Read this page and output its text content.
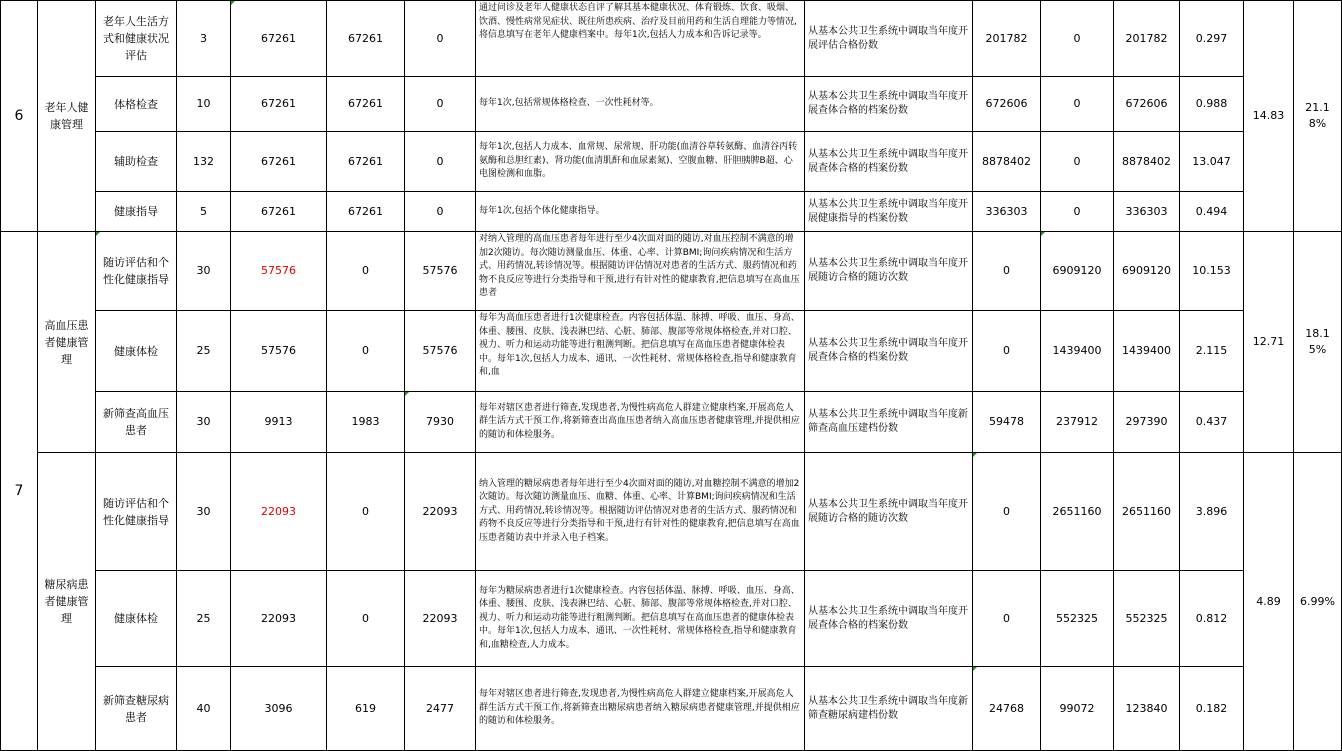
6	老年人健康管理	老年人生活方式和健康状况评估	3	67261	67261	0	通过问诊及老年人健康状态自评了解其基本健康状况、体育锻炼、饮食、吸烟、饮酒、慢性病常见症状、既往所患疾病、治疗及目前用药和生活自理能力等情况,将信息填写在老年人健康档案中。每年1次,包括人力成本和告诉记录等。	从基本公共卫生系统中调取当年度开展评估合格份数	201782	0	201782	0.297	14.83	21.18%
		体格检查	10	67261	67261	0	每年1次,包括常规体格检查、一次性耗材等。	从基本公共卫生系统中调取当年度开展查体合格的档案份数	672606	0	672606	0.988		
		辅助检查	132	67261	67261	0	每年1次,包括人力成本、血常规、尿常规、肝功能(血清谷草转氨酶、血清谷丙转氨酶和总胆红素)、肾功能(血清肌酐和血尿素氮)、空腹血糖、肝胆胰脾B超、心电图检测和血脂。	从基本公共卫生系统中调取当年度开展查体合格的档案份数	8878402	0	8878402	13.047		
		健康指导	5	67261	67261	0	每年1次,包括个体化健康指导。	从基本公共卫生系统中调取当年度开展健康指导的档案份数	336303	0	336303	0.494		
7	高血压患者健康管理	随访评估和个性化健康指导	30	57576	0	57576	对纳入管理的高血压患者每年进行至少4次面对面的随访,对血压控制不满意的增加2次随访。每次随访测量血压、体重、心率、计算BMI;询问疾病情况和生活方式、用药情况,转诊情况等。根据随访评估情况对患者的生活方式、服药情况和药物不良反应等进行分类指导和干预,进行有针对性的健康教育,把信息填写在高血压患者	从基本公共卫生系统中调取当年度开展随访合格的随访次数	0	6909120	6909120	10.153	12.71	18.15%
		健康体检	25	57576	0	57576	每年为高血压患者进行1次健康检查。内容包括体温、脉搏、呼吸、血压、身高、体重、腰围、皮肤、浅表淋巴结、心脏、肺部、腹部等常规体格检查,并对口腔、视力、听力和运动功能等进行粗测判断。把信息填写在高血压患者健康体检表中。每年1次,包括人力成本、通讯、一次性耗材、常规体格检查,指导和健康教育和,血	从基本公共卫生系统中调取当年度开展查体合格的档案份数	0	1439400	1439400	2.115		
		新筛查高血压患者	30	9913	1983	7930	每年对辖区患者进行筛查,发现患者,为慢性病高危人群建立健康档案,开展高危人群生活方式干预工作,将新筛查出高血压患者纳入高血压患者健康管理,并提供相应的随访和体检服务。	从基本公共卫生系统中调取当年度新筛查高血压建档份数	59478	237912	297390	0.437		
	糖尿病患者健康管理	随访评估和个性化健康指导	30	22093	0	22093	纳入管理的糖尿病患者每年进行至少4次面对面的随访,对血糖控制不满意的增加2次随访。每次随访测量血压、血糖、体重、心率、计算BMI;询问疾病情况和生活方式、用药情况,转诊情况等。根据随访评估情况对患者的生活方式、服药情况和药物不良反应等进行分类指导和干预,进行有针对性的健康教育,把信息填写在高血压患者随访表中并录入电子档案。	从基本公共卫生系统中调取当年度开展随访合格的随访次数	0	2651160	2651160	3.896	4.89	6.99%
		健康体检	25	22093	0	22093	每年为糖尿病患者进行1次健康检查。内容包括体温、脉搏、呼吸、血压、身高、体重、腰围、皮肤、浅表淋巴结、心脏、肺部、腹部等常规体格检查,并对口腔、视力、听力和运动功能等进行粗测判断。把信息填写在高血压患者的健康体检表中。每年1次,包括人力成本、通讯、一次性耗材、常规体格检查,指导和健康教育和,血糖检查,人力成本。	从基本公共卫生系统中调取当年度开展查体合格的档案份数	0	552325	552325	0.812		
		新筛查糖尿病患者	40	3096	619	2477	每年对辖区患者进行筛查,发现患者,为慢性病高危人群建立健康档案,开展高危人群生活方式干预工作,将新筛查出糖尿病患者纳入糖尿病患者健康管理,并提供相应的随访和体检服务。	从基本公共卫生系统中调取当年度新筛查糖尿病建档份数	24768	99072	123840	0.182		
